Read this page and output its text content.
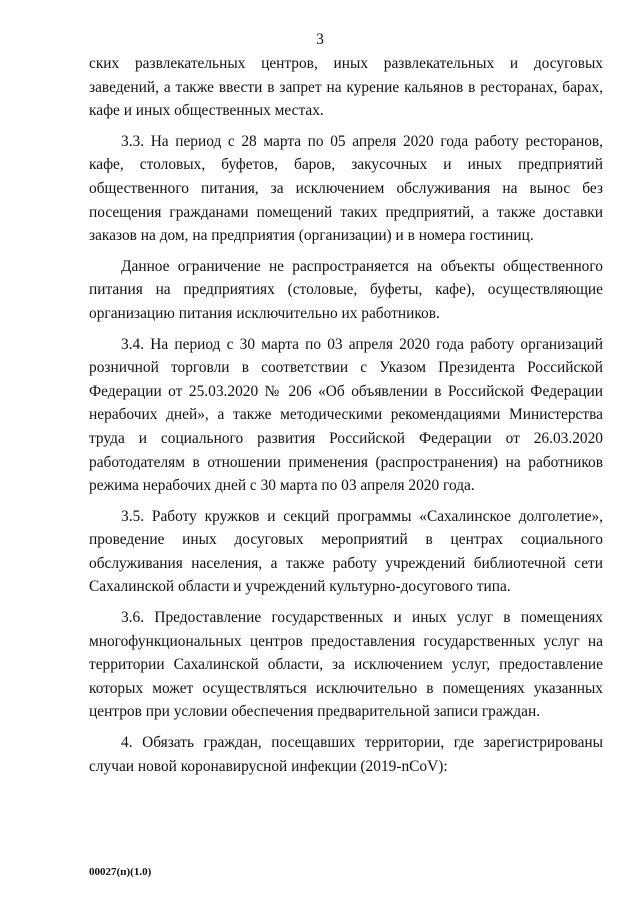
3

ских развлекательных центров, иных развлекательных и досуговых заведений, а также ввести в запрет на курение кальянов в ресторанах, барах, кафе и иных общественных местах.

3.3. На период с 28 марта по 05 апреля 2020 года работу ресторанов, кафе, столовых, буфетов, баров, закусочных и иных предприятий общественного питания, за исключением обслуживания на вынос без посещения гражданами помещений таких предприятий, а также доставки заказов на дом, на предприятия (организации) и в номера гостиниц.

Данное ограничение не распространяется на объекты общественного питания на предприятиях (столовые, буфеты, кафе), осуществляющие организацию питания исключительно их работников.

3.4. На период с 30 марта по 03 апреля 2020 года работу организаций розничной торговли в соответствии с Указом Президента Российской Федерации от 25.03.2020 № 206 «Об объявлении в Российской Федерации нерабочих дней», а также методическими рекомендациями Министерства труда и социального развития Российской Федерации от 26.03.2020 работодателям в отношении применения (распространения) на работников режима нерабочих дней с 30 марта по 03 апреля 2020 года.

3.5. Работу кружков и секций программы «Сахалинское долголетие», проведение иных досуговых мероприятий в центрах социального обслуживания населения, а также работу учреждений библиотечной сети Сахалинской области и учреждений культурно-досугового типа.

3.6. Предоставление государственных и иных услуг в помещениях многофункциональных центров предоставления государственных услуг на территории Сахалинской области, за исключением услуг, предоставление которых может осуществляться исключительно в помещениях указанных центров при условии обеспечения предварительной записи граждан.

4. Обязать граждан, посещавших территории, где зарегистрированы случаи новой коронавирусной инфекции (2019-nCoV):

00027(п)(1.0)
